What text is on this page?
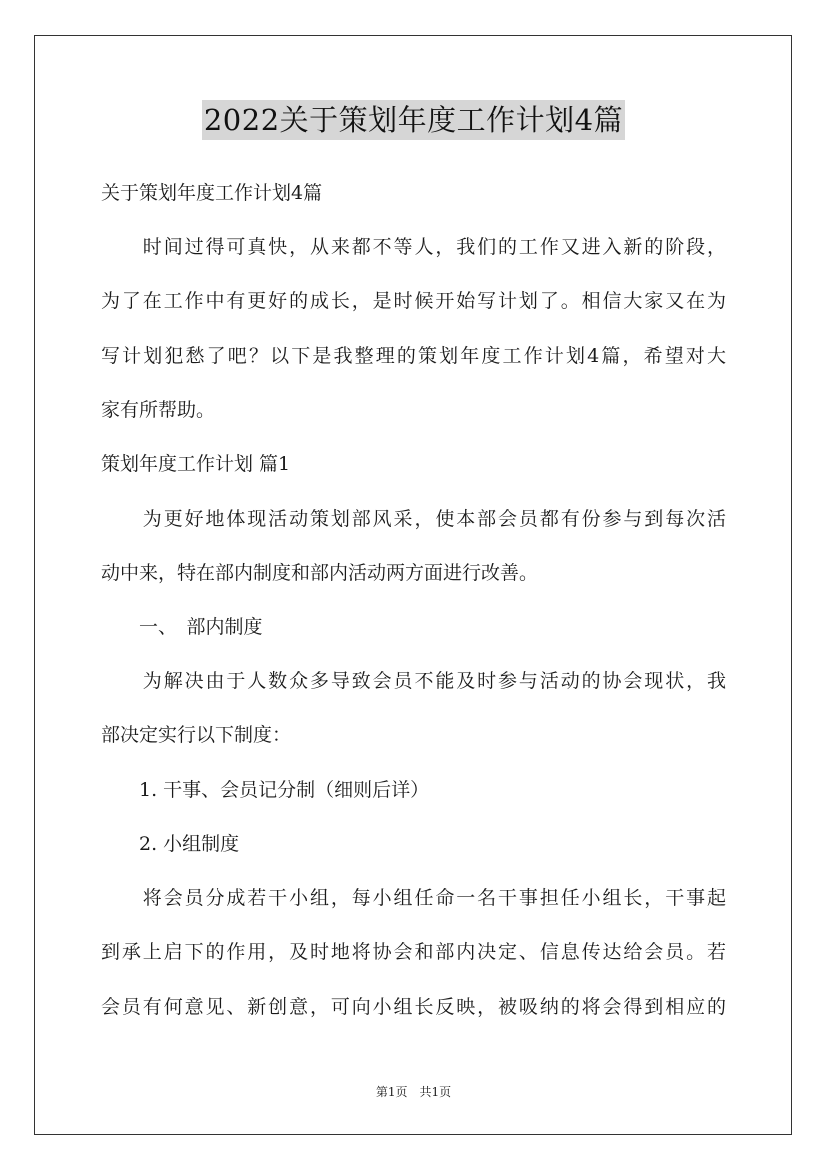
2022关于策划年度工作计划4篇
关于策划年度工作计划4篇
　　时间过得可真快，从来都不等人，我们的工作又进入新的阶段，
为了在工作中有更好的成长，是时候开始写计划了。相信大家又在为
写计划犯愁了吧？以下是我整理的策划年度工作计划4篇，希望对大
家有所帮助。
策划年度工作计划 篇1
　　为更好地体现活动策划部风采，使本部会员都有份参与到每次活
动中来，特在部内制度和部内活动两方面进行改善。
　　一、　部内制度
　　为解决由于人数众多导致会员不能及时参与活动的协会现状，我
部决定实行以下制度：
　　1. 干事、会员记分制（细则后详）
　　2. 小组制度
　　将会员分成若干小组，每小组任命一名干事担任小组长，干事起
到承上启下的作用，及时地将协会和部内决定、信息传达给会员。若
会员有何意见、新创意，可向小组长反映，被吸纳的将会得到相应的
第1页　共1页
